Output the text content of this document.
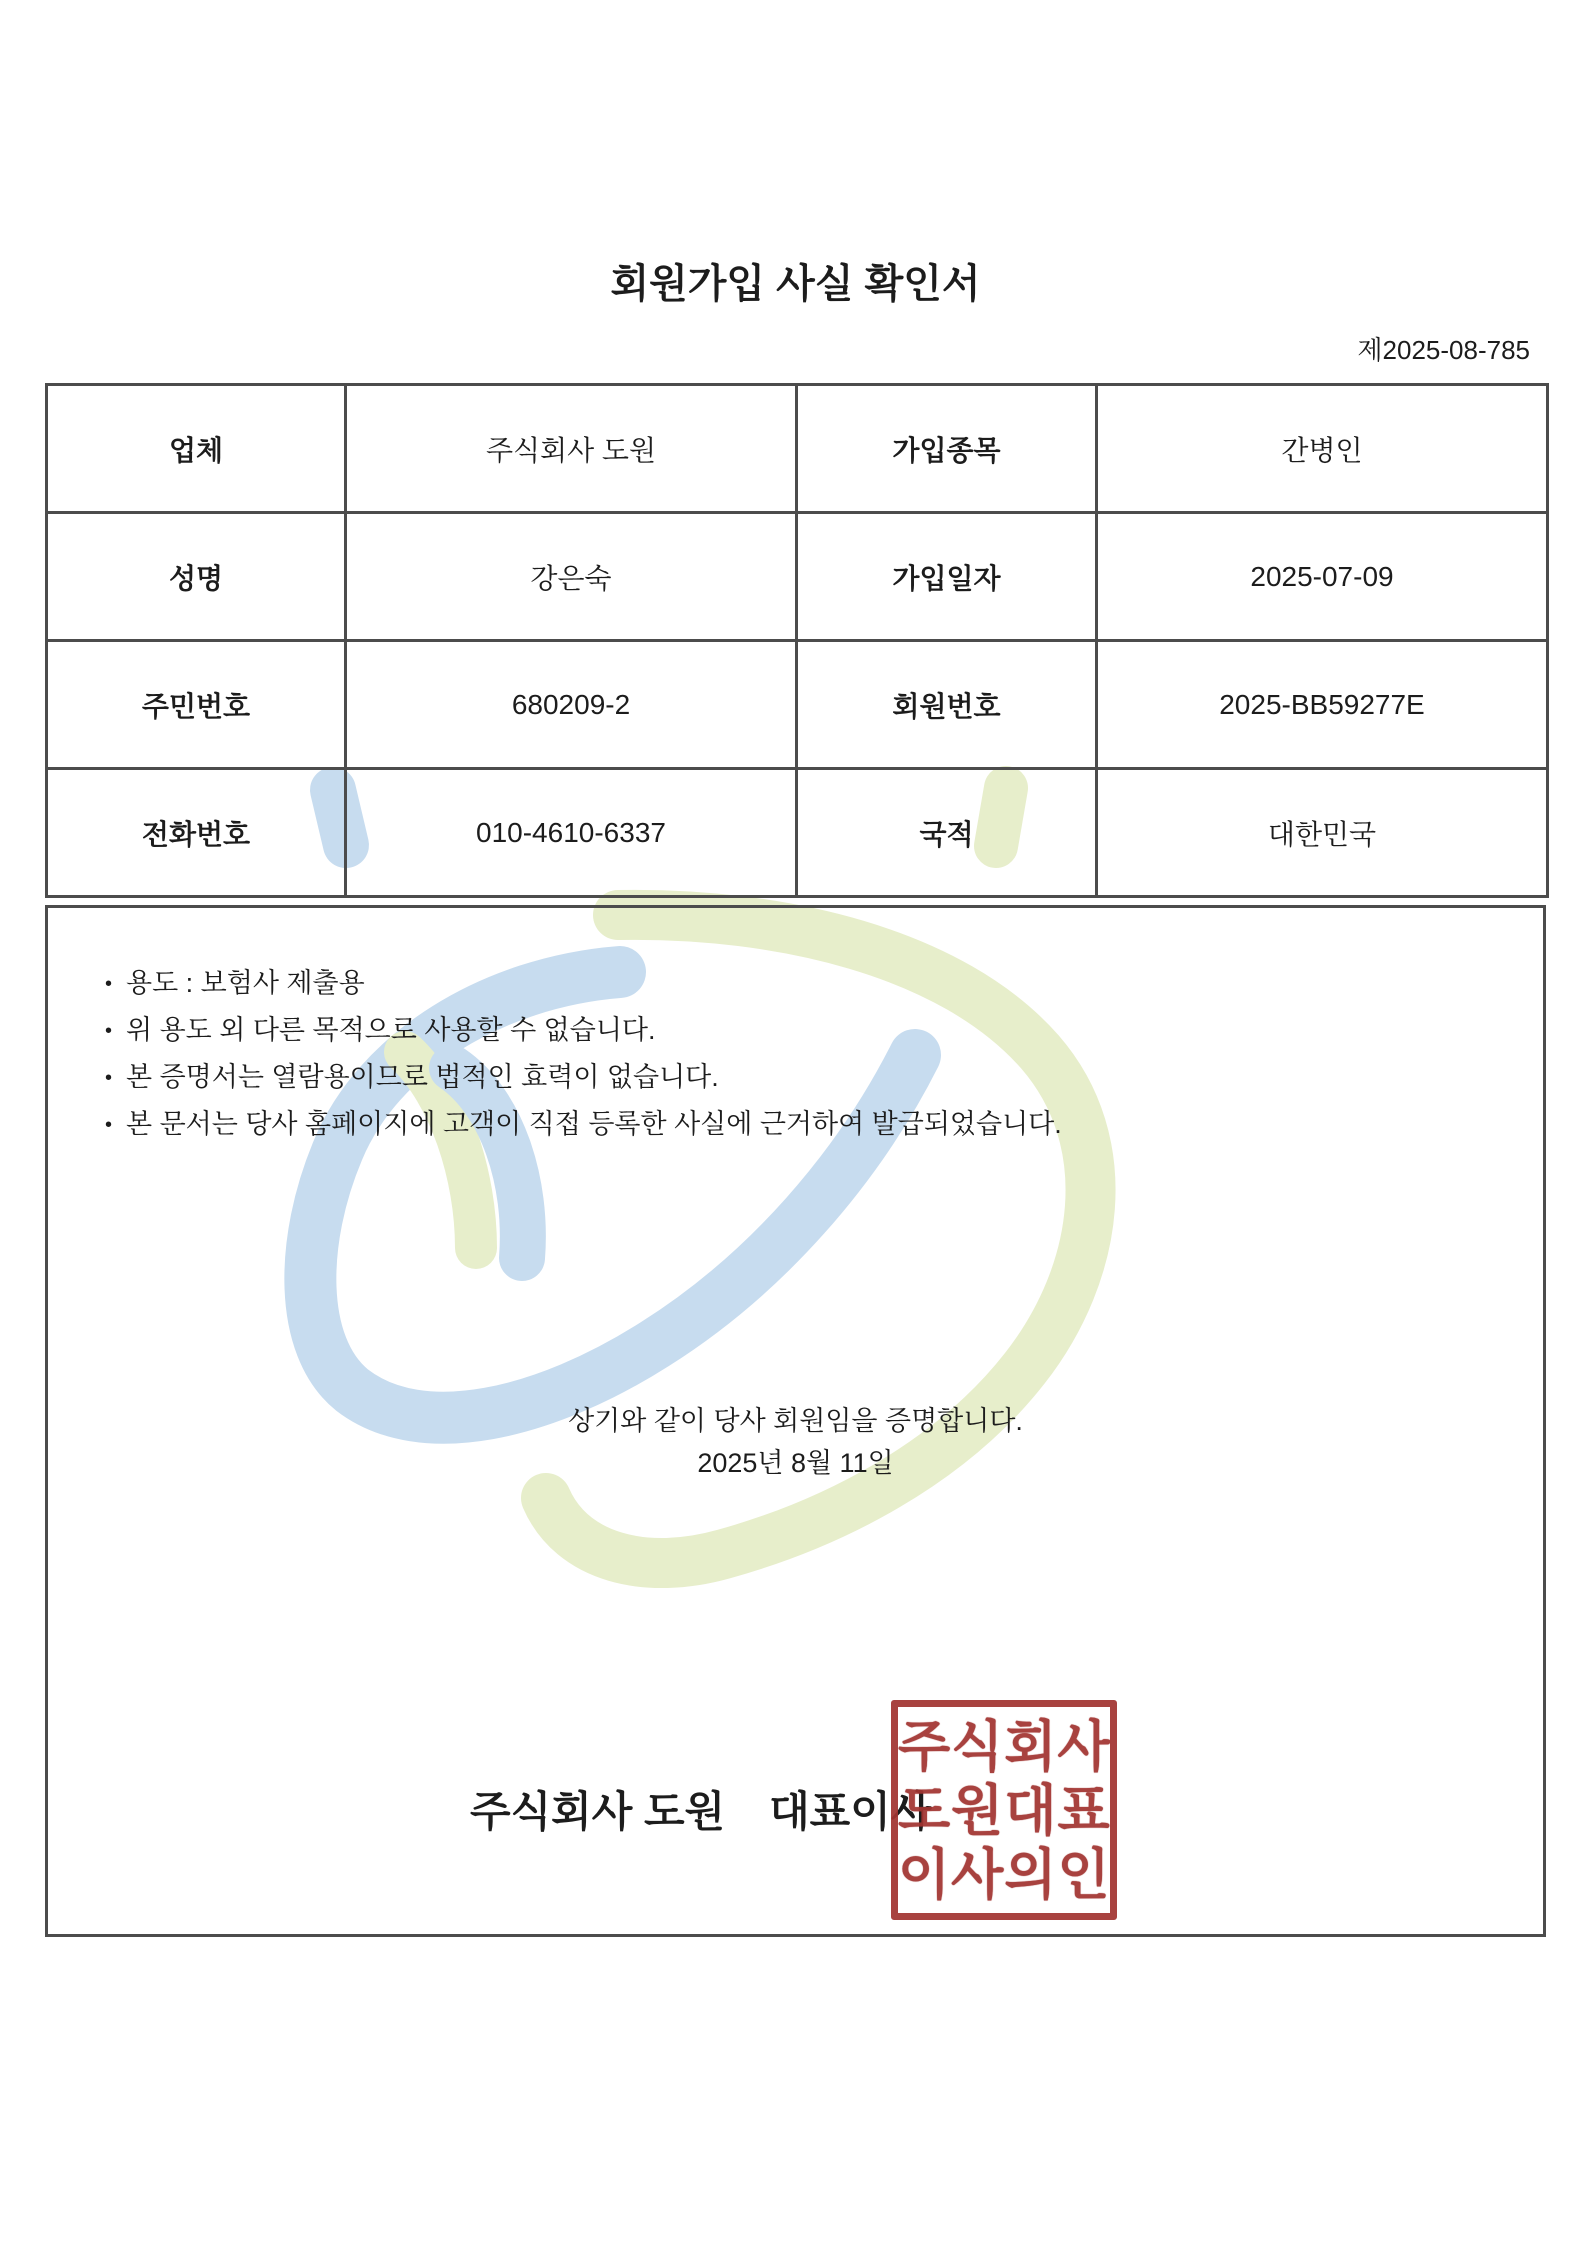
회원가입 사실 확인서
제2025-08-785
업체	주식회사 도원	가입종목	간병인
성명	강은숙	가입일자	2025-07-09
주민번호	680209-2	회원번호	2025-BB59277E
전화번호	010-4610-6337	국적	대한민국
• 용도 : 보험사 제출용
• 위 용도 외 다른 목적으로 사용할 수 없습니다.
• 본 증명서는 열람용이므로 법적인 효력이 없습니다.
• 본 문서는 당사 홈페이지에 고객이 직접 등록한 사실에 근거하여 발급되었습니다.
상기와 같이 당사 회원임을 증명합니다.
2025년 8월 11일
주식회사 도원 대표이사
주식회사
도원대표
이사의인
